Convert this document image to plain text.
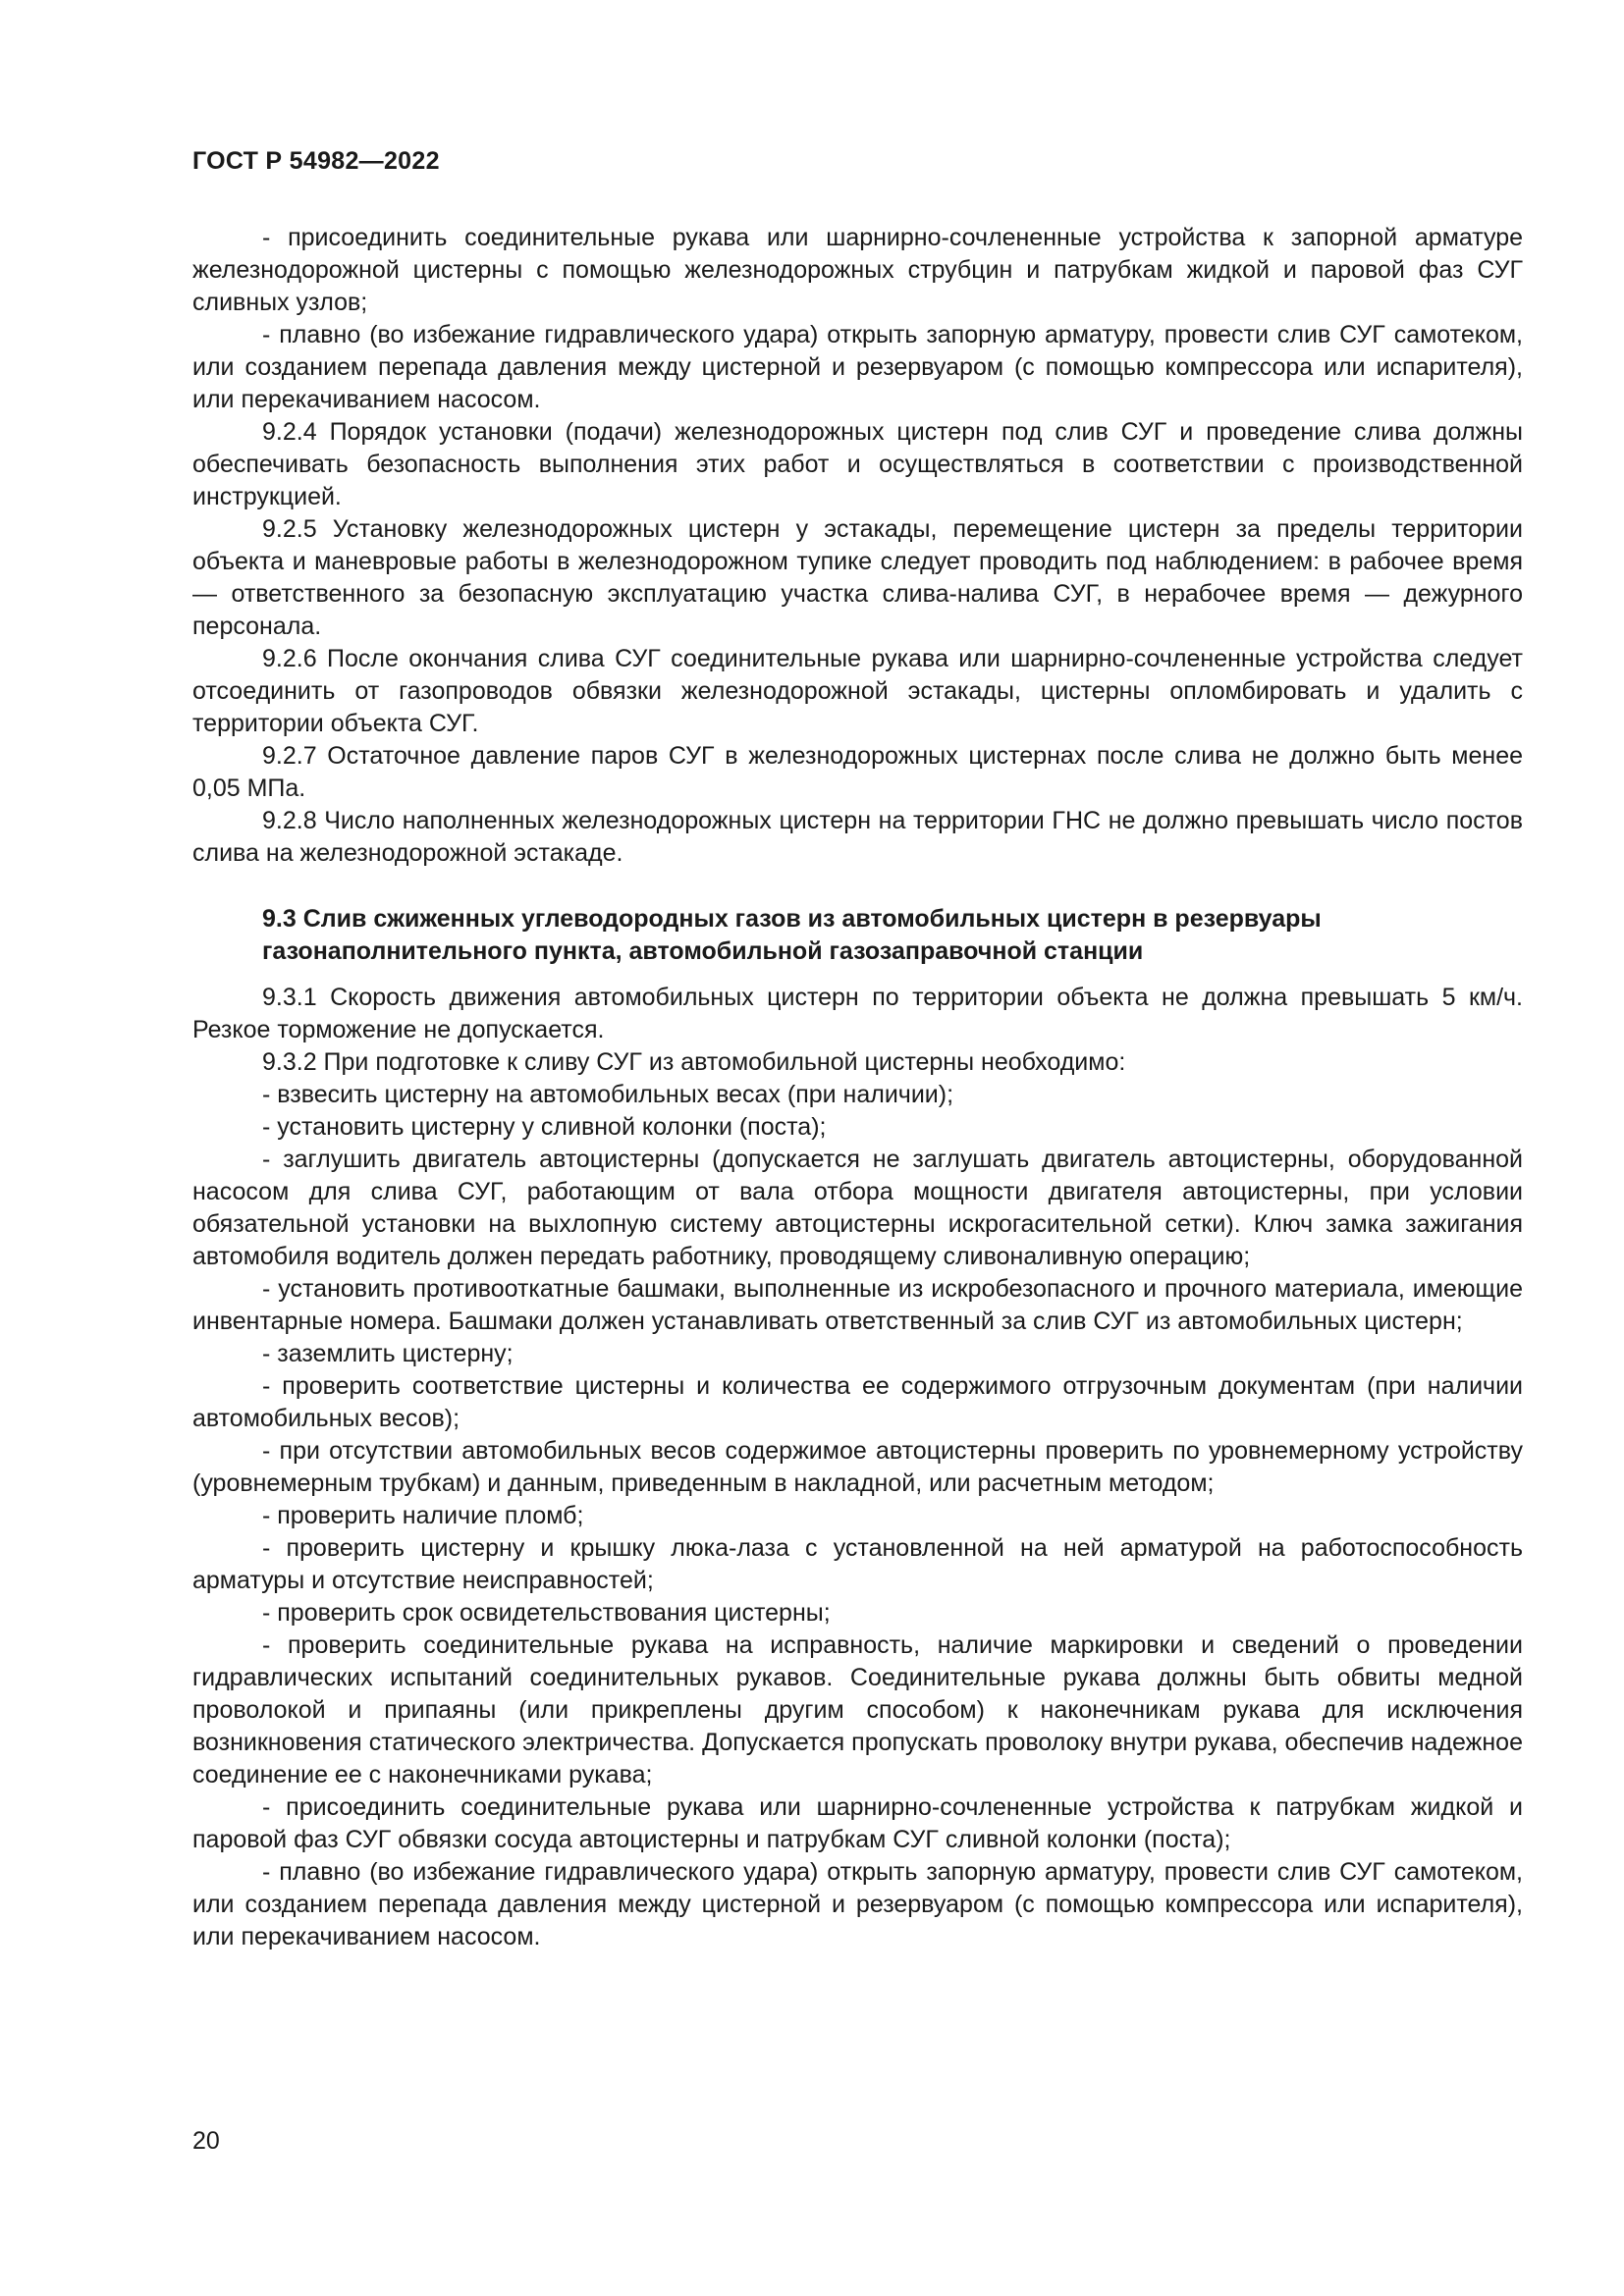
ГОСТ Р 54982—2022

- присоединить соединительные рукава или шарнирно-сочлененные устройства к запорной арматуре железнодорожной цистерны с помощью железнодорожных струбцин и патрубкам жидкой и паровой фаз СУГ сливных узлов;

- плавно (во избежание гидравлического удара) открыть запорную арматуру, провести слив СУГ самотеком, или созданием перепада давления между цистерной и резервуаром (с помощью компрессора или испарителя), или перекачиванием насосом.

9.2.4 Порядок установки (подачи) железнодорожных цистерн под слив СУГ и проведение слива должны обеспечивать безопасность выполнения этих работ и осуществляться в соответствии с производственной инструкцией.

9.2.5 Установку железнодорожных цистерн у эстакады, перемещение цистерн за пределы территории объекта и маневровые работы в железнодорожном тупике следует проводить под наблюдением: в рабочее время — ответственного за безопасную эксплуатацию участка слива-налива СУГ, в нерабочее время — дежурного персонала.

9.2.6 После окончания слива СУГ соединительные рукава или шарнирно-сочлененные устройства следует отсоединить от газопроводов обвязки железнодорожной эстакады, цистерны опломбировать и удалить с территории объекта СУГ.

9.2.7 Остаточное давление паров СУГ в железнодорожных цистернах после слива не должно быть менее 0,05 МПа.

9.2.8 Число наполненных железнодорожных цистерн на территории ГНС не должно превышать число постов слива на железнодорожной эстакаде.

9.3 Слив сжиженных углеводородных газов из автомобильных цистерн в резервуары газонаполнительного пункта, автомобильной газозаправочной станции

9.3.1 Скорость движения автомобильных цистерн по территории объекта не должна превышать 5 км/ч. Резкое торможение не допускается.

9.3.2 При подготовке к сливу СУГ из автомобильной цистерны необходимо:

- взвесить цистерну на автомобильных весах (при наличии);

- установить цистерну у сливной колонки (поста);

- заглушить двигатель автоцистерны (допускается не заглушать двигатель автоцистерны, оборудованной насосом для слива СУГ, работающим от вала отбора мощности двигателя автоцистерны, при условии обязательной установки на выхлопную систему автоцистерны искрогасительной сетки). Ключ замка зажигания автомобиля водитель должен передать работнику, проводящему сливоналивную операцию;

- установить противооткатные башмаки, выполненные из искробезопасного и прочного материала, имеющие инвентарные номера. Башмаки должен устанавливать ответственный за слив СУГ из автомобильных цистерн;

- заземлить цистерну;

- проверить соответствие цистерны и количества ее содержимого отгрузочным документам (при наличии автомобильных весов);

- при отсутствии автомобильных весов содержимое автоцистерны проверить по уровнемерному устройству (уровнемерным трубкам) и данным, приведенным в накладной, или расчетным методом;

- проверить наличие пломб;

- проверить цистерну и крышку люка-лаза с установленной на ней арматурой на работоспособность арматуры и отсутствие неисправностей;

- проверить срок освидетельствования цистерны;

- проверить соединительные рукава на исправность, наличие маркировки и сведений о проведении гидравлических испытаний соединительных рукавов. Соединительные рукава должны быть обвиты медной проволокой и припаяны (или прикреплены другим способом) к наконечникам рукава для исключения возникновения статического электричества. Допускается пропускать проволоку внутри рукава, обеспечив надежное соединение ее с наконечниками рукава;

- присоединить соединительные рукава или шарнирно-сочлененные устройства к патрубкам жидкой и паровой фаз СУГ обвязки сосуда автоцистерны и патрубкам СУГ сливной колонки (поста);

- плавно (во избежание гидравлического удара) открыть запорную арматуру, провести слив СУГ самотеком, или созданием перепада давления между цистерной и резервуаром (с помощью компрессора или испарителя), или перекачиванием насосом.

20
